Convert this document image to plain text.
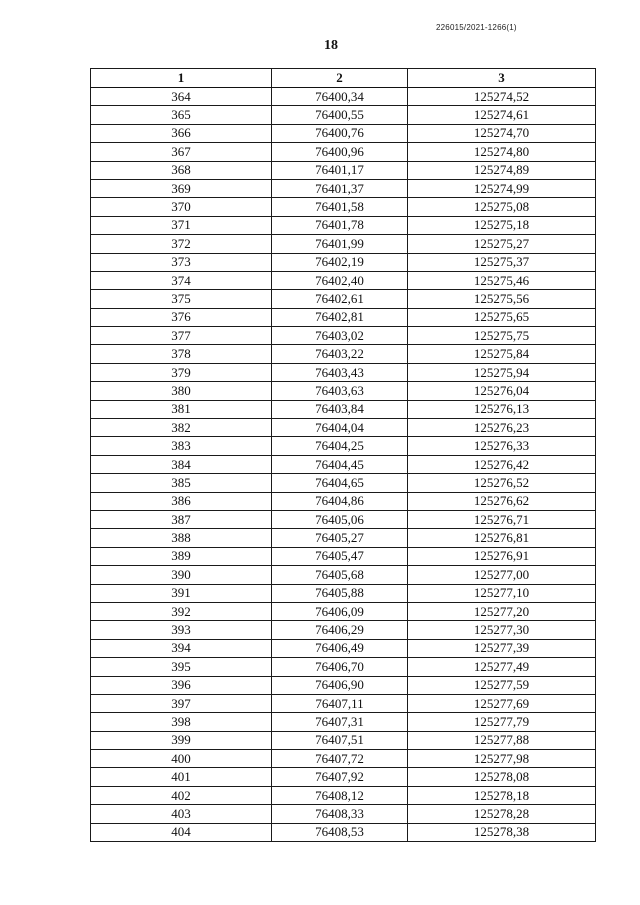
226015/2021-1266(1)
18
1	2	3
364	76400,34	125274,52
365	76400,55	125274,61
366	76400,76	125274,70
367	76400,96	125274,80
368	76401,17	125274,89
369	76401,37	125274,99
370	76401,58	125275,08
371	76401,78	125275,18
372	76401,99	125275,27
373	76402,19	125275,37
374	76402,40	125275,46
375	76402,61	125275,56
376	76402,81	125275,65
377	76403,02	125275,75
378	76403,22	125275,84
379	76403,43	125275,94
380	76403,63	125276,04
381	76403,84	125276,13
382	76404,04	125276,23
383	76404,25	125276,33
384	76404,45	125276,42
385	76404,65	125276,52
386	76404,86	125276,62
387	76405,06	125276,71
388	76405,27	125276,81
389	76405,47	125276,91
390	76405,68	125277,00
391	76405,88	125277,10
392	76406,09	125277,20
393	76406,29	125277,30
394	76406,49	125277,39
395	76406,70	125277,49
396	76406,90	125277,59
397	76407,11	125277,69
398	76407,31	125277,79
399	76407,51	125277,88
400	76407,72	125277,98
401	76407,92	125278,08
402	76408,12	125278,18
403	76408,33	125278,28
404	76408,53	125278,38
